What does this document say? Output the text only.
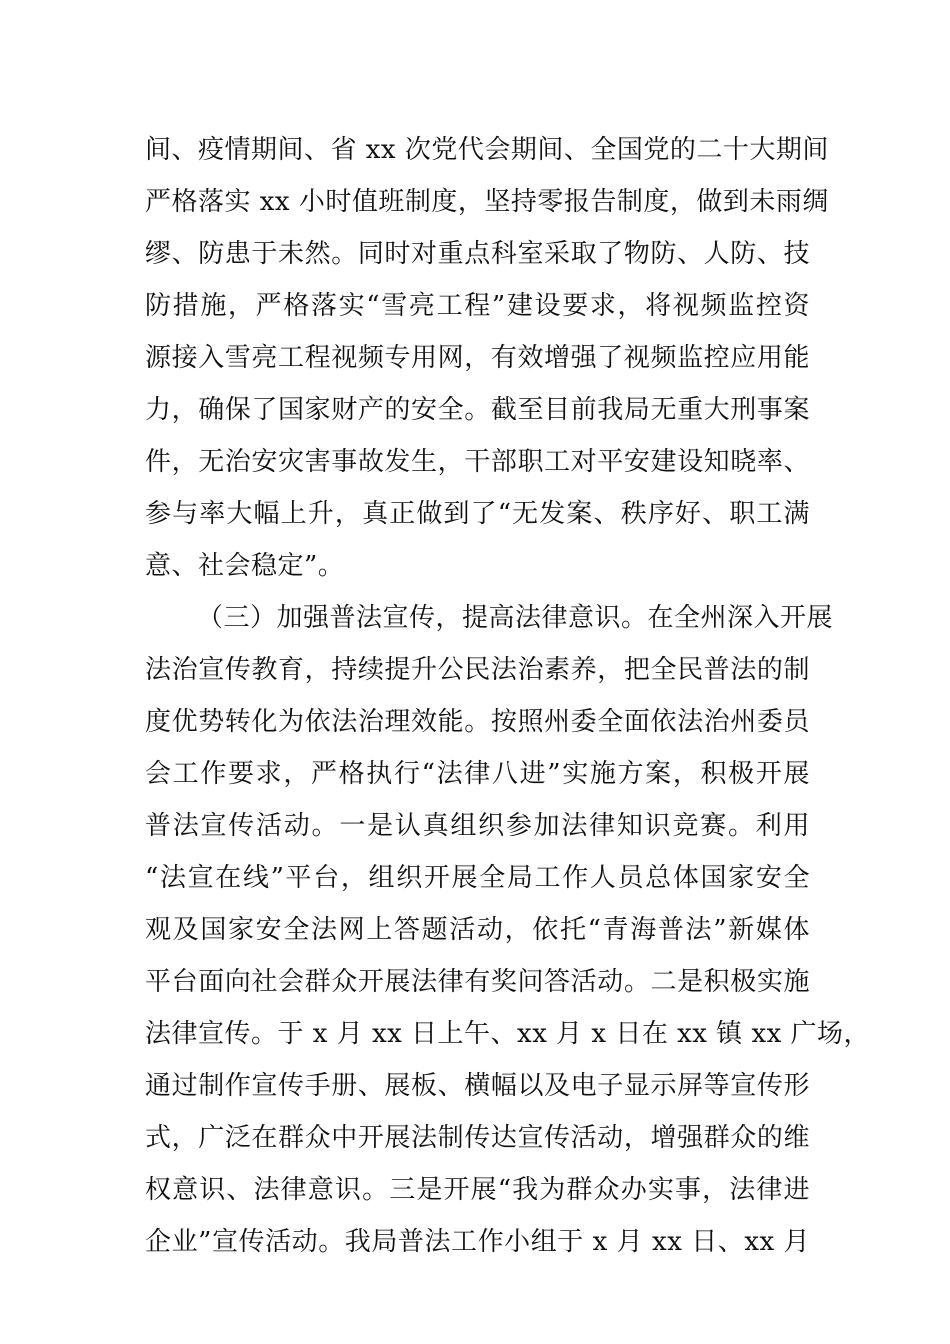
间、疫情期间、省 xx 次党代会期间、全国党的二十大期间
严格落实 xx 小时值班制度，坚持零报告制度，做到未雨绸
缪、防患于未然。同时对重点科室采取了物防、人防、技
防措施，严格落实“雪亮工程”建设要求，将视频监控资
源接入雪亮工程视频专用网，有效增强了视频监控应用能
力，确保了国家财产的安全。截至目前我局无重大刑事案
件，无治安灾害事故发生，干部职工对平安建设知晓率、
参与率大幅上升，真正做到了“无发案、秩序好、职工满
意、社会稳定”。
（三）加强普法宣传，提高法律意识。在全州深入开展
法治宣传教育，持续提升公民法治素养，把全民普法的制
度优势转化为依法治理效能。按照州委全面依法治州委员
会工作要求，严格执行“法律八进”实施方案，积极开展
普法宣传活动。一是认真组织参加法律知识竞赛。利用
“法宣在线”平台，组织开展全局工作人员总体国家安全
观及国家安全法网上答题活动，依托“青海普法”新媒体
平台面向社会群众开展法律有奖问答活动。二是积极实施
法律宣传。于 x 月 xx 日上午、xx 月 x 日在 xx 镇 xx 广场，
通过制作宣传手册、展板、横幅以及电子显示屏等宣传形
式，广泛在群众中开展法制传达宣传活动，增强群众的维
权意识、法律意识。三是开展“我为群众办实事，法律进
企业”宣传活动。我局普法工作小组于 x 月 xx 日、xx 月
